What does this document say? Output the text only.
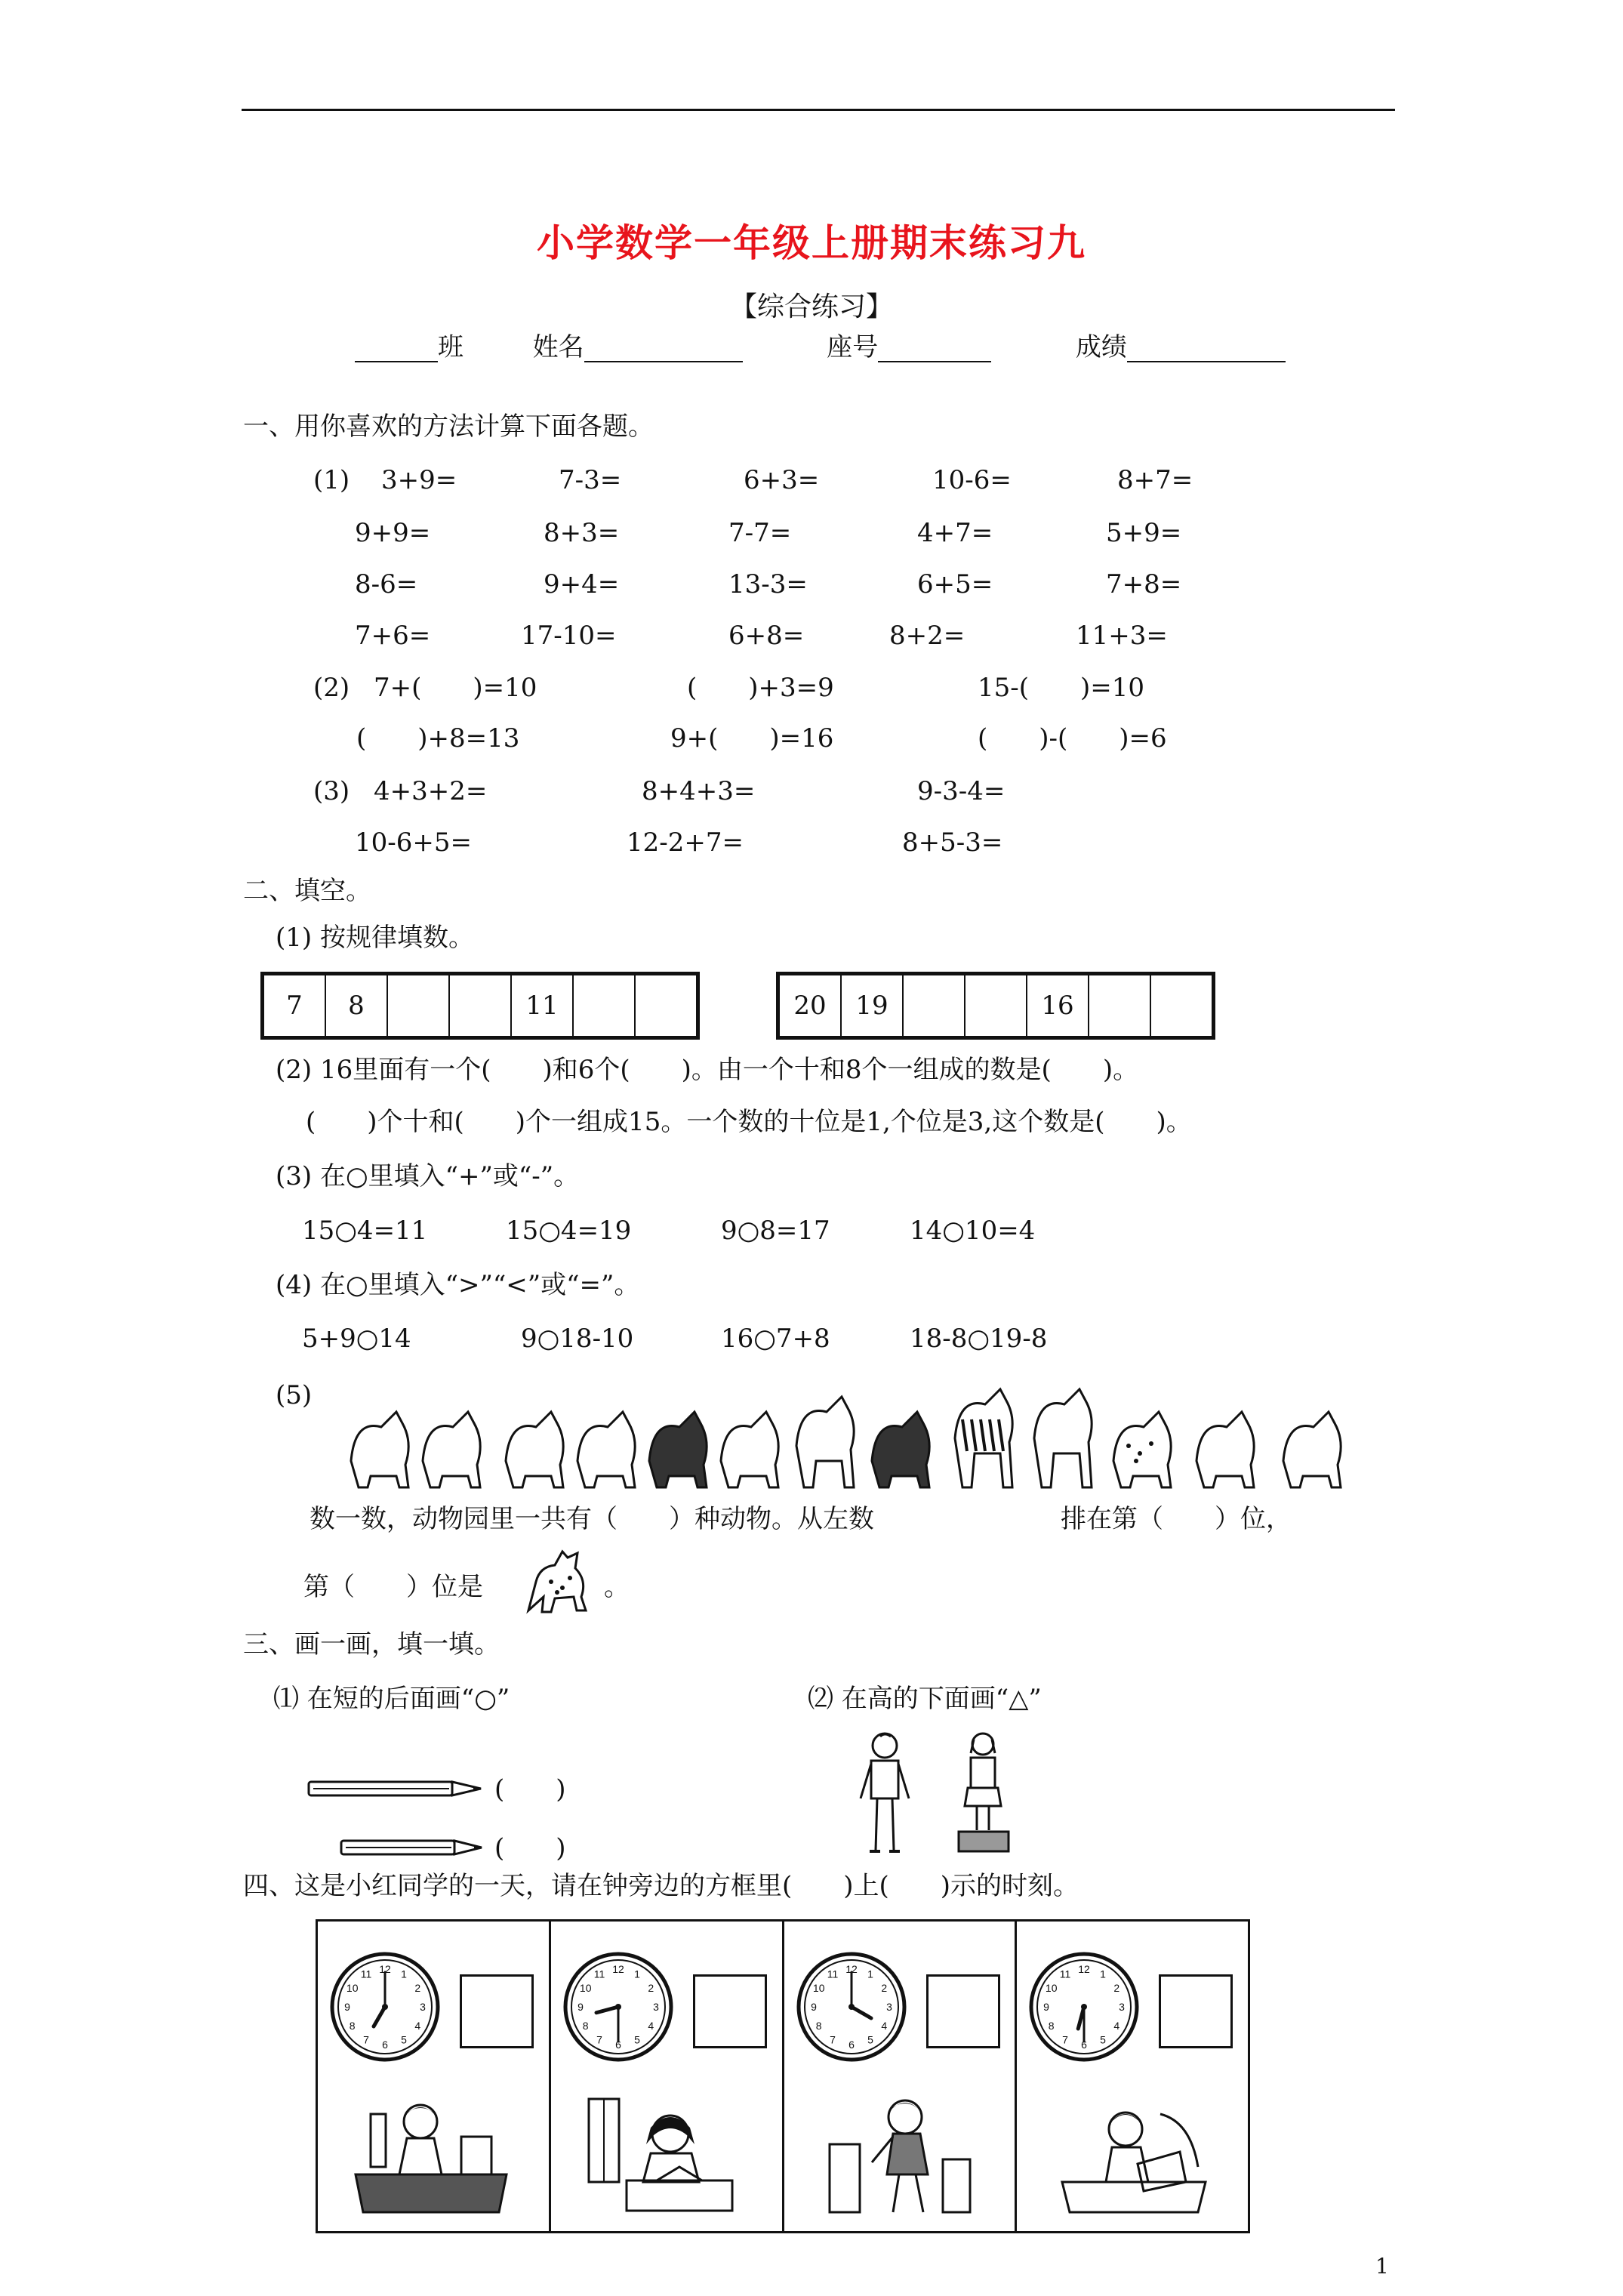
小学数学一年级上册期末练习九
【综合练习】
班	姓名	座号	成绩
一、用你喜欢的方法计算下面各题。
(1) 3+9=	7-3=	6+3=	10-6=	8+7=
9+9=	8+3=	7-7=	4+7=	5+9=
8-6=	9+4=	13-3=	6+5=	7+8=
7+6=	17-10=	6+8=	8+2=	11+3=
(2) 7+(　　)=10	(　　)+3=9	15-(　　)=10
(　　)+8=13	9+(　　)=16	(　　)-(　　)=6
(3) 4+3+2=	8+4+3=	9-3-4=
10-6+5=	12-2+7=	8+5-3=
二、填空。
(1) 按规律填数。
7	8	11	20	19	16
(2) 16里面有一个(　　)和6个(　　)。由一个十和8个一组成的数是(　　)。
(　　)个十和(　　)个一组成15。一个数的十位是1,个位是3,这个数是(　　)。
(3) 在○里填入“+”或“-”。
15○4=11	15○4=19	9○8=17	14○10=4
(4) 在○里填入“>”“<”或“=”。
5+9○14	9○18-10	16○7+8	18-8○19-8
(5)
数一数，动物园里一共有（　　）种动物。从左数	排在第（　　）位，
第（　　）位是	。
三、画一画，填一填。
⑴ 在短的后面画“○”	⑵ 在高的下面画“△”
(　　)
(　　)
四、这是小红同学的一天，请在钟旁边的方框里(　　)上(　　)示的时刻。
1
2
3
4
5
6
7
8
9
10
11 12	1
2
3
4
5
6
7
8
9
10
11 12	1
2
3
4
5
6
7
8
9
10
11 12	1
2
3
4
5
6
7
8
9
10
11 12
1
